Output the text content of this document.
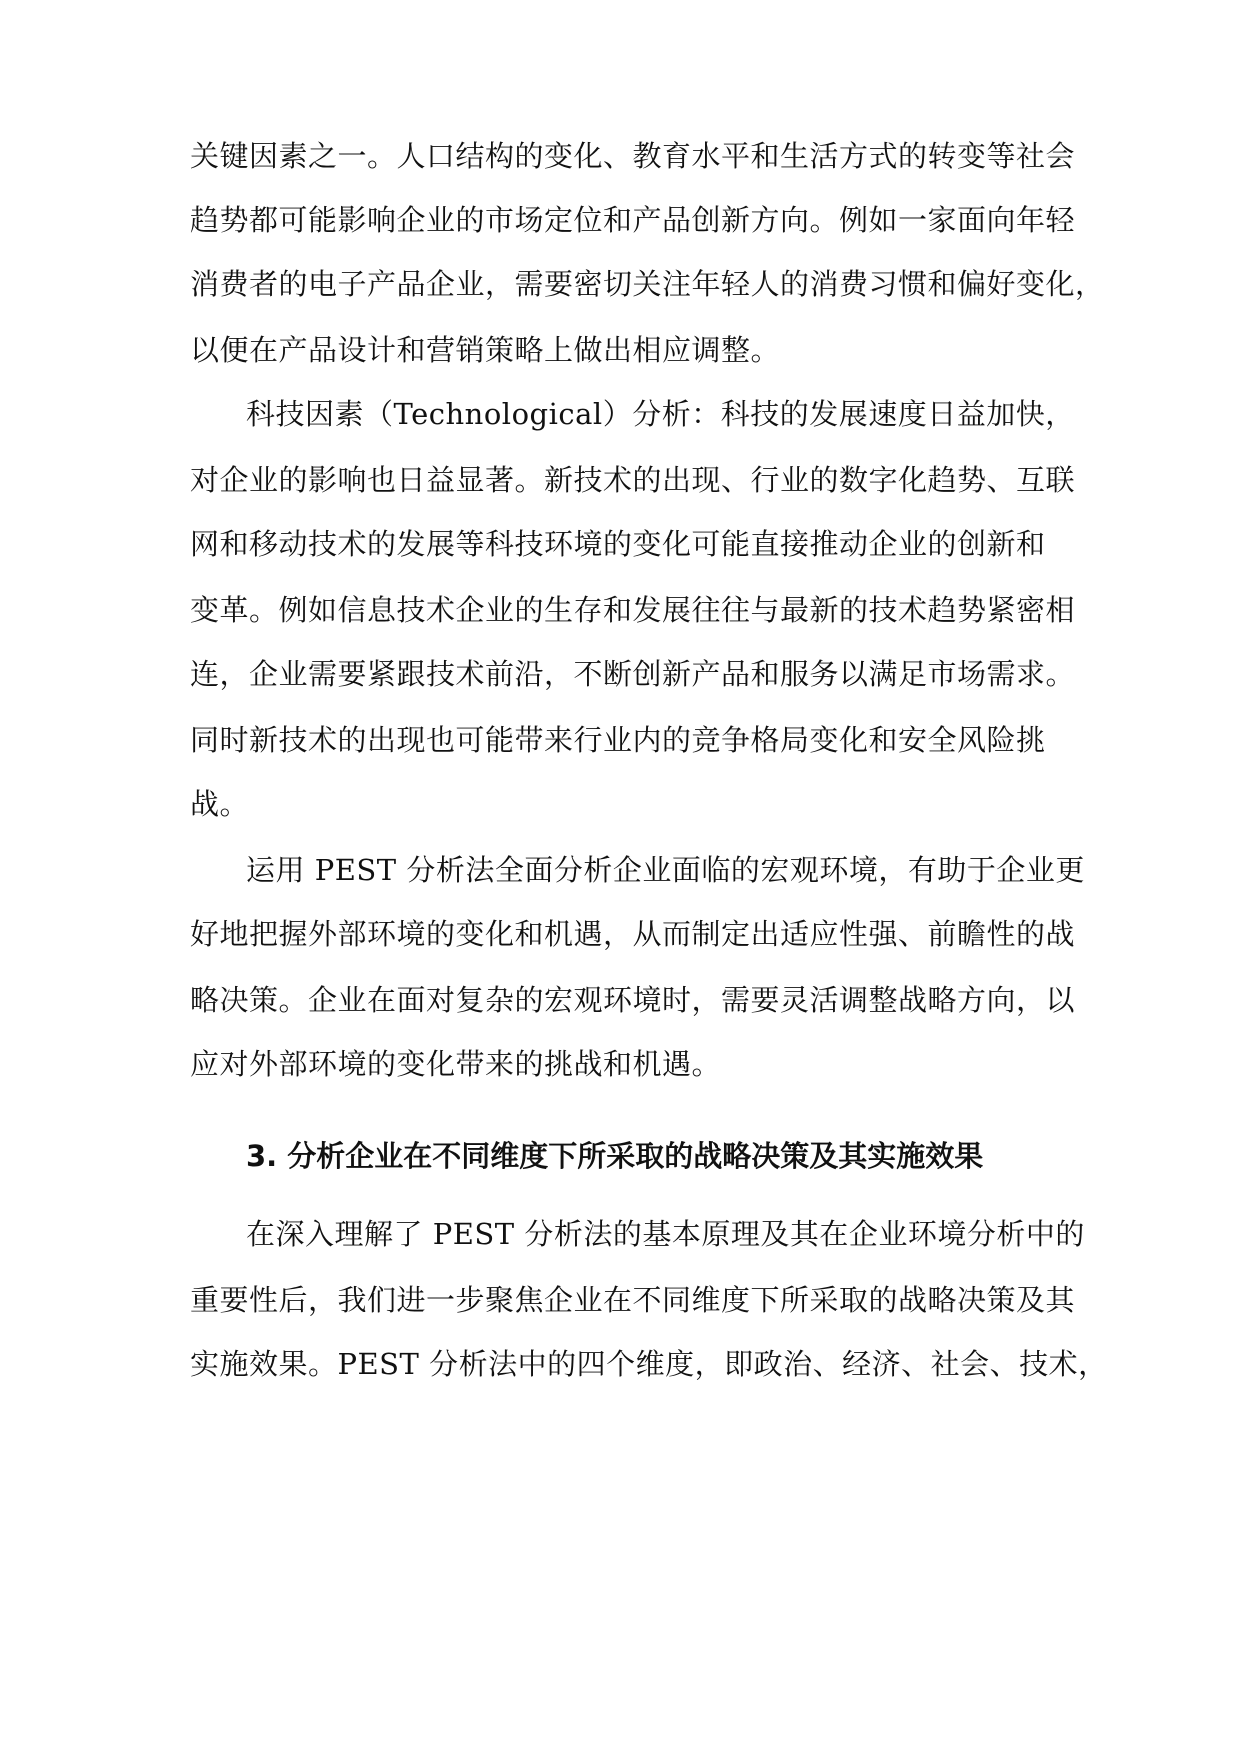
关键因素之一。人口结构的变化、教育水平和生活方式的转变等社会
趋势都可能影响企业的市场定位和产品创新方向。例如一家面向年轻
消费者的电子产品企业，需要密切关注年轻人的消费习惯和偏好变化，
以便在产品设计和营销策略上做出相应调整。
科技因素（Technological）分析：科技的发展速度日益加快，
对企业的影响也日益显著。新技术的出现、行业的数字化趋势、互联
网和移动技术的发展等科技环境的变化可能直接推动企业的创新和
变革。例如信息技术企业的生存和发展往往与最新的技术趋势紧密相
连，企业需要紧跟技术前沿，不断创新产品和服务以满足市场需求。
同时新技术的出现也可能带来行业内的竞争格局变化和安全风险挑
战。
运用 PEST 分析法全面分析企业面临的宏观环境，有助于企业更
好地把握外部环境的变化和机遇，从而制定出适应性强、前瞻性的战
略决策。企业在面对复杂的宏观环境时，需要灵活调整战略方向，以
应对外部环境的变化带来的挑战和机遇。
3. 分析企业在不同维度下所采取的战略决策及其实施效果
在深入理解了 PEST 分析法的基本原理及其在企业环境分析中的
重要性后，我们进一步聚焦企业在不同维度下所采取的战略决策及其
实施效果。PEST 分析法中的四个维度，即政治、经济、社会、技术，
